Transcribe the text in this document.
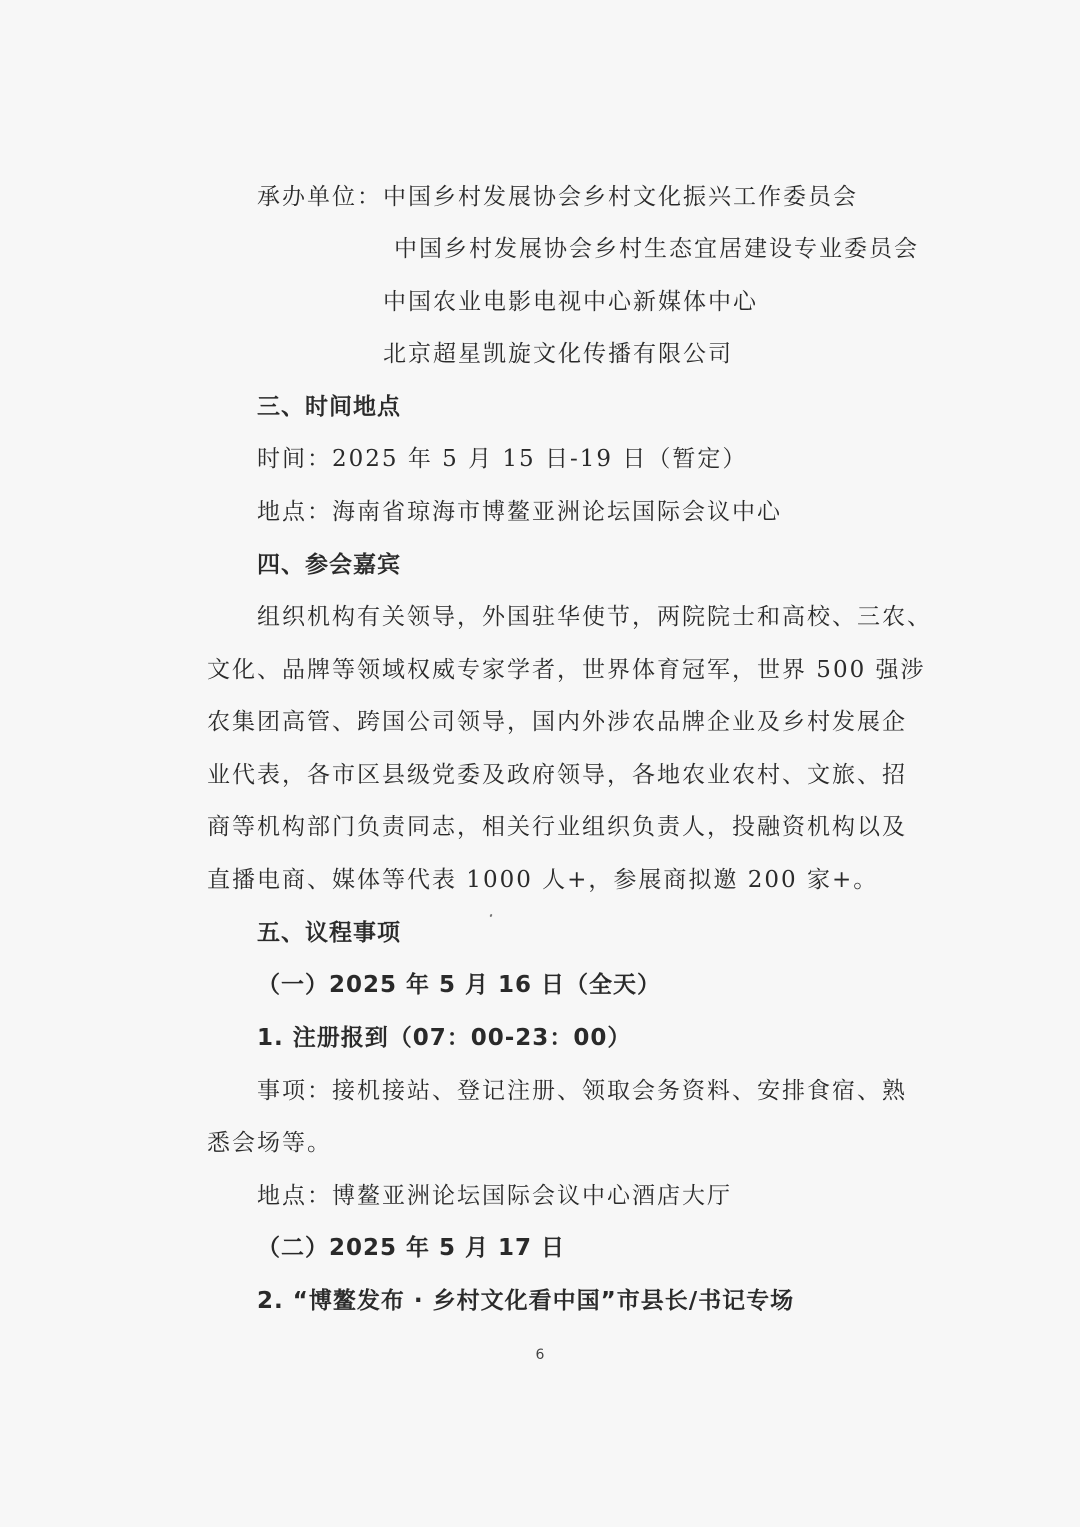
承办单位： 中国乡村发展协会乡村文化振兴工作委员会
中国乡村发展协会乡村生态宜居建设专业委员会
中国农业电影电视中心新媒体中心
北京超星凯旋文化传播有限公司
三、时间地点
时间：2025 年 5 月 15 日-19 日（暂定）
地点：海南省琼海市博鳌亚洲论坛国际会议中心
四、参会嘉宾
组织机构有关领导，外国驻华使节，两院院士和高校、三农、
文化、品牌等领域权威专家学者，世界体育冠军，世界 500 强涉
农集团高管、跨国公司领导，国内外涉农品牌企业及乡村发展企
业代表，各市区县级党委及政府领导，各地农业农村、文旅、招
商等机构部门负责同志，相关行业组织负责人，投融资机构以及
直播电商、媒体等代表 1000 人+，参展商拟邀 200 家+。
五、议程事项
（一）2025 年 5 月 16 日（全天）
1. 注册报到（07：00-23：00）
事项：接机接站、登记注册、领取会务资料、安排食宿、熟
悉会场等。
地点：博鳌亚洲论坛国际会议中心酒店大厅
（二）2025 年 5 月 17 日
2. “博鳌发布 · 乡村文化看中国”市县长/书记专场
6
